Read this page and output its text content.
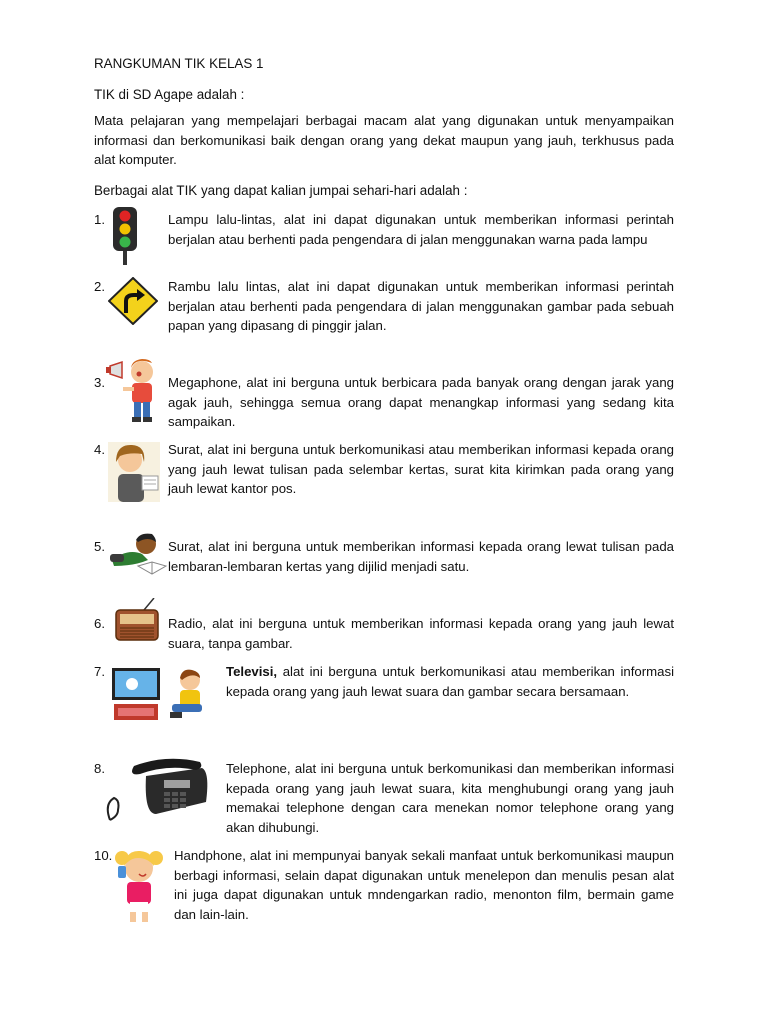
RANGKUMAN TIK KELAS 1
TIK di SD Agape adalah :
Mata pelajaran yang mempelajari berbagai macam alat yang digunakan untuk menyampaikan informasi dan berkomunikasi baik dengan orang yang dekat maupun yang jauh, terkhusus pada alat komputer.
Berbagai alat TIK yang dapat kalian jumpai sehari-hari adalah :
1.	Lampu lalu-lintas, alat ini dapat digunakan untuk memberikan informasi perintah berjalan atau berhenti pada pengendara di jalan menggunakan warna pada lampu
2.	Rambu lalu lintas, alat ini dapat digunakan untuk memberikan informasi perintah berjalan atau berhenti pada pengendara di jalan menggunakan gambar pada sebuah papan yang dipasang di pinggir jalan.
3.	Megaphone, alat ini berguna untuk berbicara pada banyak orang dengan jarak yang agak jauh, sehingga semua orang dapat menangkap informasi yang sedang kita sampaikan.
4.	Surat, alat ini berguna untuk berkomunikasi atau memberikan informasi kepada orang yang jauh lewat tulisan pada selembar kertas, surat kita kirimkan pada orang yang jauh lewat kantor pos.
5.	Surat, alat ini berguna untuk memberikan informasi kepada orang lewat tulisan pada lembaran-lembaran kertas yang dijilid menjadi satu.
6.	Radio, alat ini berguna untuk memberikan informasi kepada orang yang jauh lewat suara, tanpa gambar.
7.	Televisi, alat ini berguna untuk berkomunikasi atau memberikan informasi kepada orang yang jauh lewat suara dan gambar secara bersamaan.
8.	Telephone, alat ini berguna untuk berkomunikasi dan memberikan informasi kepada orang yang jauh lewat suara, kita menghubungi orang yang jauh memakai telephone dengan cara menekan nomor telephone orang yang akan dihubungi.
10.	Handphone, alat ini mempunyai banyak sekali manfaat untuk berkomunikasi maupun berbagi informasi, selain dapat digunakan untuk menelepon dan menulis pesan alat ini juga dapat digunakan untuk mndengarkan radio, menonton film, bermain game dan lain-lain.
